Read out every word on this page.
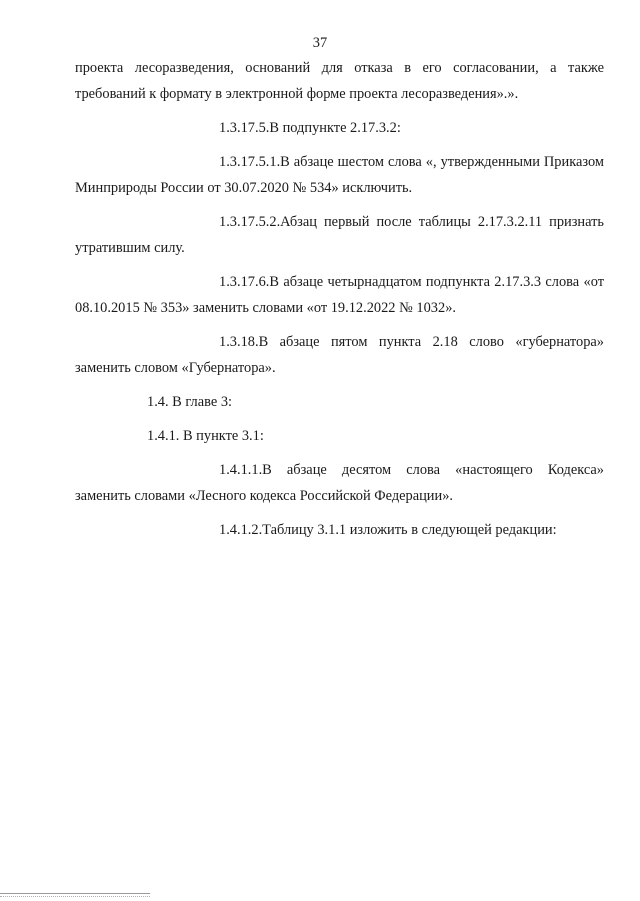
37

проекта лесоразведения, оснований для отказа в его согласовании, а также требований к формату в электронной форме проекта лесоразведения».».

1.3.17.5.В подпункте 2.17.3.2:

1.3.17.5.1.В абзаце шестом слова «, утвержденными Приказом Минприроды России от 30.07.2020 № 534» исключить.

1.3.17.5.2.Абзац первый после таблицы 2.17.3.2.11 признать утратившим силу.

1.3.17.6.В абзаце четырнадцатом подпункта 2.17.3.3 слова «от 08.10.2015 № 353» заменить словами «от 19.12.2022 № 1032».

1.3.18.В абзаце пятом пункта 2.18 слово «губернатора» заменить словом «Губернатора».

1.4. В главе 3:

1.4.1. В пункте 3.1:

1.4.1.1.В абзаце десятом слова «настоящего Кодекса» заменить словами «Лесного кодекса Российской Федерации».

1.4.1.2.Таблицу 3.1.1 изложить в следующей редакции:
